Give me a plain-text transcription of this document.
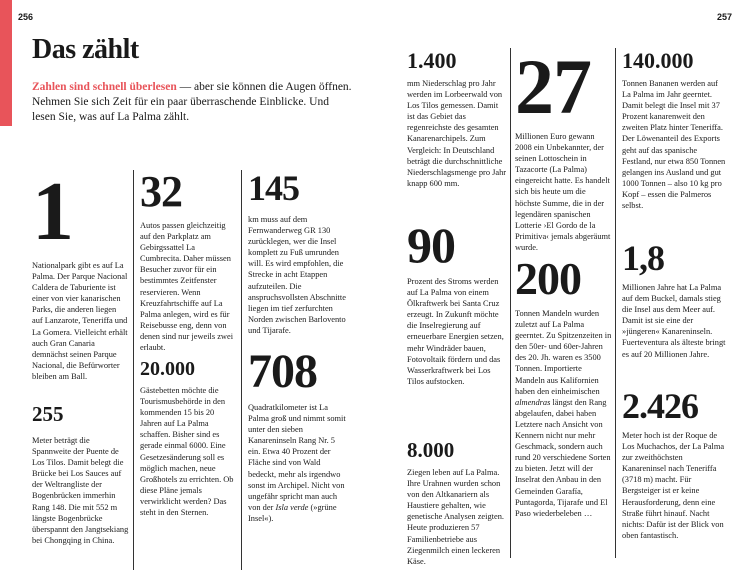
256	257
Das zählt

Zahlen sind schnell überlesen — aber sie können die Augen öffnen. Nehmen Sie sich Zeit für ein paar überraschende Einblicke. Und lesen Sie, was auf La Palma zählt.

1

Nationalpark gibt es auf La Palma. Der Parque Nacional Caldera de Taburiente ist einer von vier kanarischen Parks, die anderen liegen auf Lanzarote, Teneriffa und La Gomera. Vielleicht erhält auch Gran Canaria demnächst seinen Parque Nacional, die Befürworter bleiben am Ball.

255

Meter beträgt die Spannweite der Puente de Los Tilos. Damit belegt die Brücke bei Los Sauces auf der Weltrangliste der Bogenbrücken immerhin Rang 148. Die mit 552 m längste Bogenbrücke überspannt den Jangtsekiang bei Chongqing in China.

32

Autos passen gleichzeitig auf den Parkplatz am Gebirgssattel La Cumbrecita. Daher müssen Besucher zuvor für ein bestimmtes Zeitfenster reservieren. Wenn Kreuzfahrtschiffe auf La Palma anlegen, wird es für Reisebusse eng, denn von denen sind nur jeweils zwei erlaubt.

20.000

Gästebetten möchte die Tourismusbehörde in den kommenden 15 bis 20 Jahren auf La Palma schaffen. Bisher sind es gerade einmal 6000. Eine Gesetzesänderung soll es möglich machen, neue Großhotels zu errichten. Ob diese Pläne jemals verwirklicht werden? Das steht in den Sternen.

145

km muss auf dem Fernwanderweg GR 130 zurücklegen, wer die Insel komplett zu Fuß umrunden will. Es wird empfohlen, die Strecke in acht Etappen aufzuteilen. Die anspruchsvollsten Abschnitte liegen im tief zerfurchten Norden zwischen Barlovento und Tijarafe.

708

Quadratkilometer ist La Palma groß und nimmt somit unter den sieben Kanareninseln Rang Nr. 5 ein. Etwa 40 Prozent der Fläche sind von Wald bedeckt, mehr als irgendwo sonst im Archipel. Nicht von ungefähr spricht man auch von der Isla verde (»grüne Insel«).

1.400

mm Niederschlag pro Jahr werden im Lorbeerwald von Los Tilos gemessen. Damit ist das Gebiet das regenreichste des gesamten Kanarenarchipels. Zum Vergleich: In Deutschland beträgt die durchschnittliche Niederschlagsmenge pro Jahr knapp 600 mm.

90

Prozent des Stroms werden auf La Palma von einem Ölkraftwerk bei Santa Cruz erzeugt. In Zukunft möchte die Inselregierung auf erneuerbare Energien setzen, mehr Windräder bauen, Fotovoltaik fördern und das Wasserkraftwerk bei Los Tilos aufstocken.

8.000

Ziegen leben auf La Palma. Ihre Urahnen wurden schon von den Altkanariern als Haustiere gehalten, wie genetische Analysen zeigten. Heute produzieren 57 Familienbetriebe aus Ziegenmilch einen leckeren Käse.

27

Millionen Euro gewann 2008 ein Unbekannter, der seinen Lottoschein in Tazacorte (La Palma) eingereicht hatte. Es handelt sich bis heute um die höchste Summe, die in der legendären spanischen Lotterie ›El Gordo de la Primitiva‹ jemals abgeräumt wurde.

200

Tonnen Mandeln wurden zuletzt auf La Palma geerntet. Zu Spitzenzeiten in den 50er- und 60er-Jahren des 20. Jh. waren es 3500 Tonnen. Importierte Mandeln aus Kalifornien haben den einheimischen almendras längst den Rang abgelaufen, dabei haben Letztere nach Ansicht von Kennern nicht nur mehr Geschmack, sondern auch rund 20 verschiedene Sorten zu bieten. Jetzt will der Inselrat den Anbau in den Gemeinden Garafía, Puntagorda, Tijarafe und El Paso wiederbeleben …

140.000

Tonnen Bananen werden auf La Palma im Jahr geerntet. Damit belegt die Insel mit 37 Prozent kanarenweit den zweiten Platz hinter Teneriffa. Der Löwenanteil des Exports geht auf das spanische Festland, nur etwa 850 Tonnen gelangen ins Ausland und gut 1000 Tonnen – also 10 kg pro Kopf – essen die Palmeros selbst.

1,8

Millionen Jahre hat La Palma auf dem Buckel, damals stieg die Insel aus dem Meer auf. Damit ist sie eine der »jüngeren« Kanareninseln. Fuerteventura als älteste bringt es auf 20 Millionen Jahre.

2.426

Meter hoch ist der Roque de Los Muchachos, der La Palma zur zweithöchsten Kanareninsel nach Teneriffa (3718 m) macht. Für Bergsteiger ist er keine Herausforderung, denn eine Straße führt hinauf. Nacht nichts: Dafür ist der Blick von oben fantastisch.
